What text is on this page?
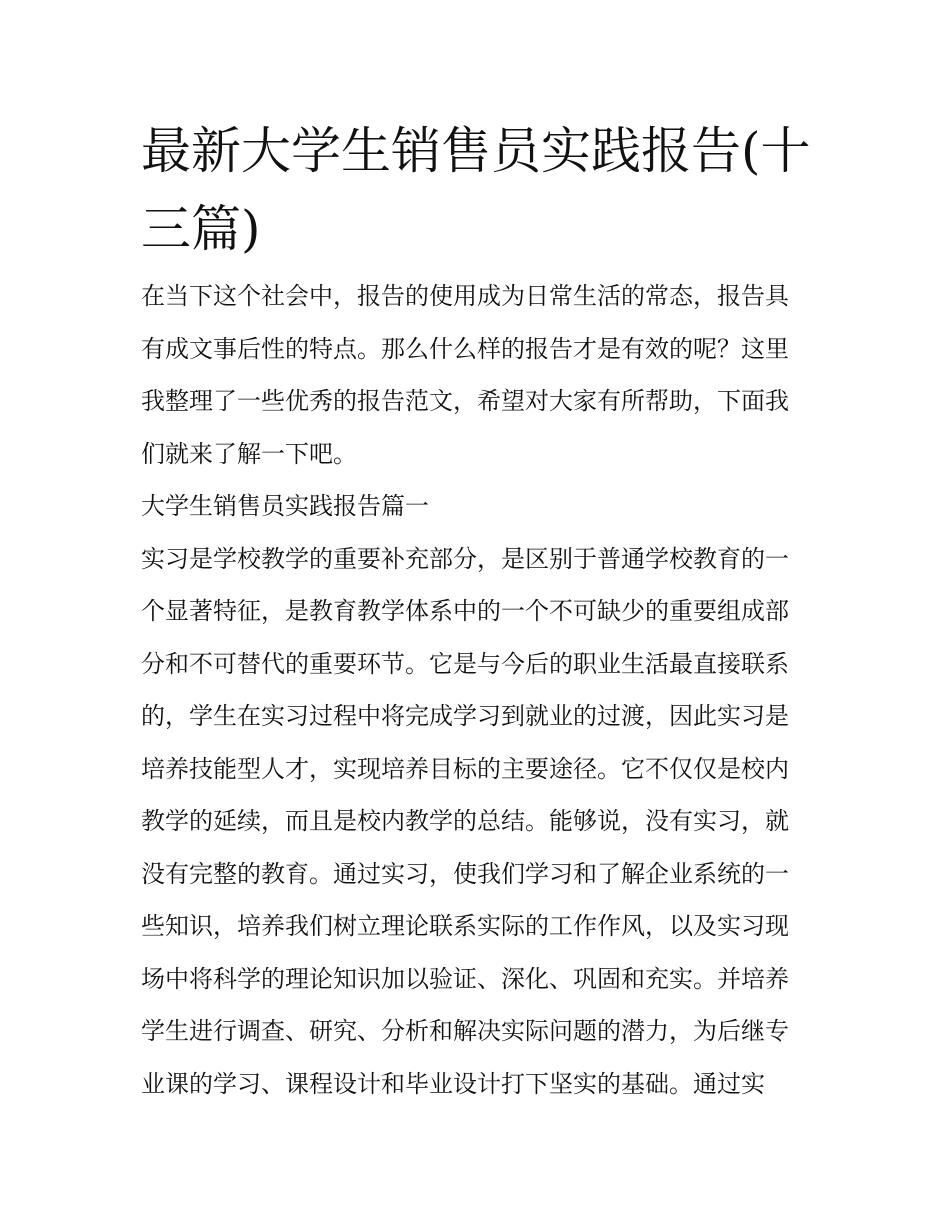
最新大学生销售员实践报告(十
三篇)
在当下这个社会中，报告的使用成为日常生活的常态，报告具
有成文事后性的特点。那么什么样的报告才是有效的呢？这里
我整理了一些优秀的报告范文，希望对大家有所帮助，下面我
们就来了解一下吧。
大学生销售员实践报告篇一
实习是学校教学的重要补充部分，是区别于普通学校教育的一
个显著特征，是教育教学体系中的一个不可缺少的重要组成部
分和不可替代的重要环节。它是与今后的职业生活最直接联系
的，学生在实习过程中将完成学习到就业的过渡，因此实习是
培养技能型人才，实现培养目标的主要途径。它不仅仅是校内
教学的延续，而且是校内教学的总结。能够说，没有实习，就
没有完整的教育。通过实习，使我们学习和了解企业系统的一
些知识，培养我们树立理论联系实际的工作作风，以及实习现
场中将科学的理论知识加以验证、深化、巩固和充实。并培养
学生进行调查、研究、分析和解决实际问题的潜力，为后继专
业课的学习、课程设计和毕业设计打下坚实的基础。通过实
